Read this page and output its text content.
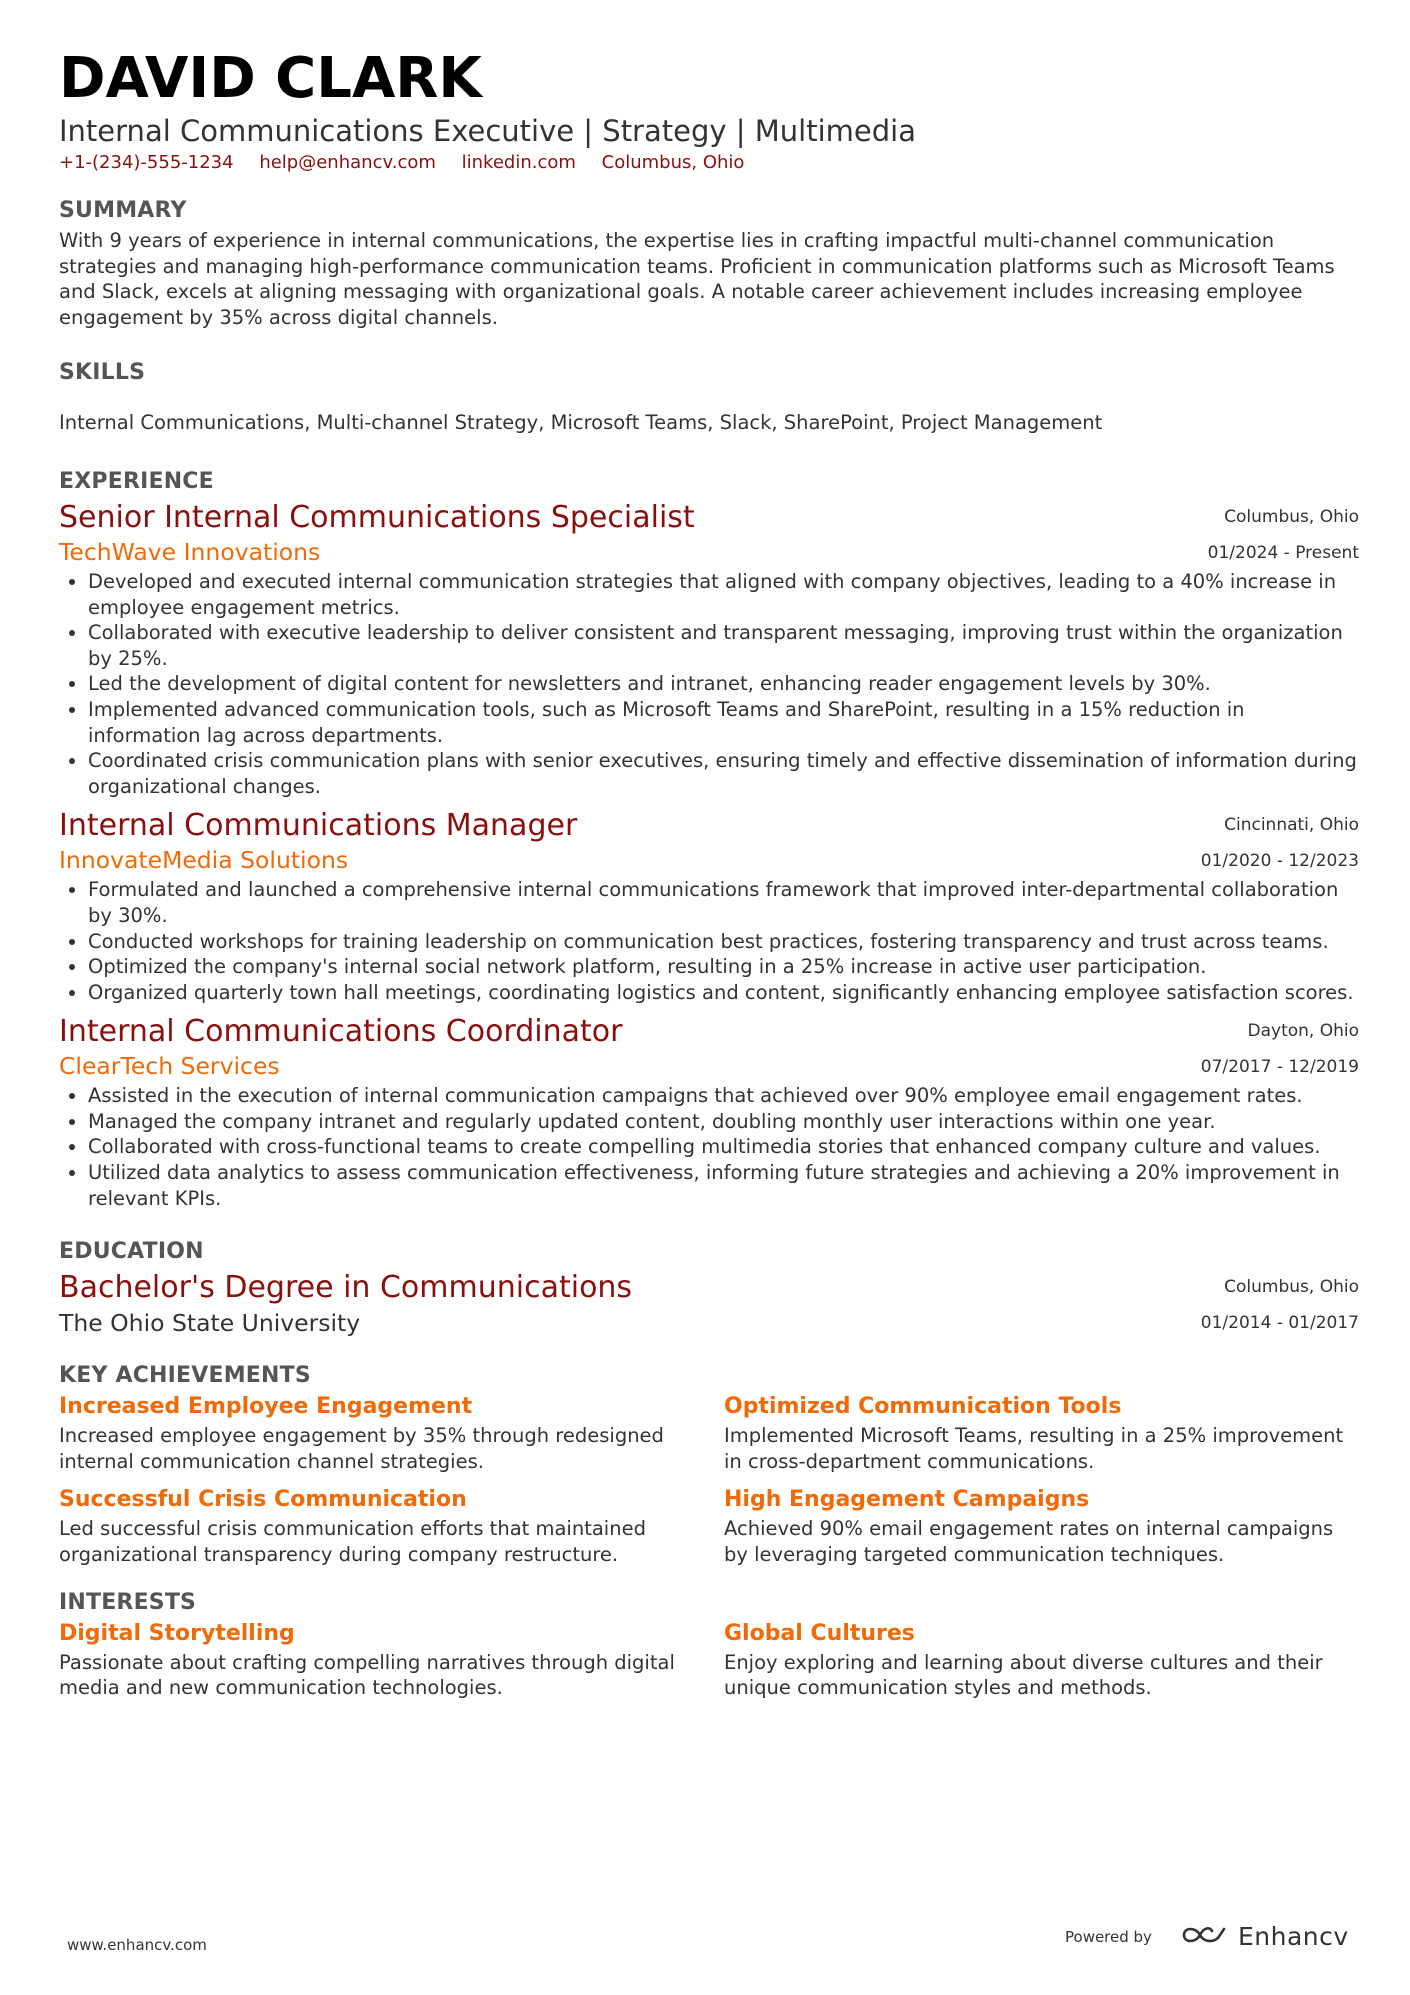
DAVID CLARK
Internal Communications Executive | Strategy | Multimedia
+1-(234)-555-1234 help@enhancv.com linkedin.com Columbus, Ohio
SUMMARY
With 9 years of experience in internal communications, the expertise lies in crafting impactful multi-channel communication strategies and managing high-performance communication teams. Proficient in communication platforms such as Microsoft Teams and Slack, excels at aligning messaging with organizational goals. A notable career achievement includes increasing employee engagement by 35% across digital channels.
SKILLS
Internal Communications, Multi-channel Strategy, Microsoft Teams, Slack, SharePoint, Project Management
EXPERIENCE
Senior Internal Communications Specialist
TechWave Innovations
Columbus, Ohio
01/2024 - Present
• Developed and executed internal communication strategies that aligned with company objectives, leading to a 40% increase in employee engagement metrics.
• Collaborated with executive leadership to deliver consistent and transparent messaging, improving trust within the organization by 25%.
• Led the development of digital content for newsletters and intranet, enhancing reader engagement levels by 30%.
• Implemented advanced communication tools, such as Microsoft Teams and SharePoint, resulting in a 15% reduction in information lag across departments.
• Coordinated crisis communication plans with senior executives, ensuring timely and effective dissemination of information during organizational changes.
Internal Communications Manager
InnovateMedia Solutions
Cincinnati, Ohio
01/2020 - 12/2023
• Formulated and launched a comprehensive internal communications framework that improved inter-departmental collaboration by 30%.
• Conducted workshops for training leadership on communication best practices, fostering transparency and trust across teams.
• Optimized the company's internal social network platform, resulting in a 25% increase in active user participation.
• Organized quarterly town hall meetings, coordinating logistics and content, significantly enhancing employee satisfaction scores.
Internal Communications Coordinator
ClearTech Services
Dayton, Ohio
07/2017 - 12/2019
• Assisted in the execution of internal communication campaigns that achieved over 90% employee email engagement rates.
• Managed the company intranet and regularly updated content, doubling monthly user interactions within one year.
• Collaborated with cross-functional teams to create compelling multimedia stories that enhanced company culture and values.
• Utilized data analytics to assess communication effectiveness, informing future strategies and achieving a 20% improvement in relevant KPIs.
EDUCATION
Bachelor's Degree in Communications
The Ohio State University
Columbus, Ohio
01/2014 - 01/2017
KEY ACHIEVEMENTS
Increased Employee Engagement
Increased employee engagement by 35% through redesigned internal communication channel strategies.
Optimized Communication Tools
Implemented Microsoft Teams, resulting in a 25% improvement in cross-department communications.
Successful Crisis Communication
Led successful crisis communication efforts that maintained organizational transparency during company restructure.
High Engagement Campaigns
Achieved 90% email engagement rates on internal campaigns by leveraging targeted communication techniques.
INTERESTS
Digital Storytelling
Passionate about crafting compelling narratives through digital media and new communication technologies.
Global Cultures
Enjoy exploring and learning about diverse cultures and their unique communication styles and methods.
www.enhancv.com	Powered by	Enhancv
